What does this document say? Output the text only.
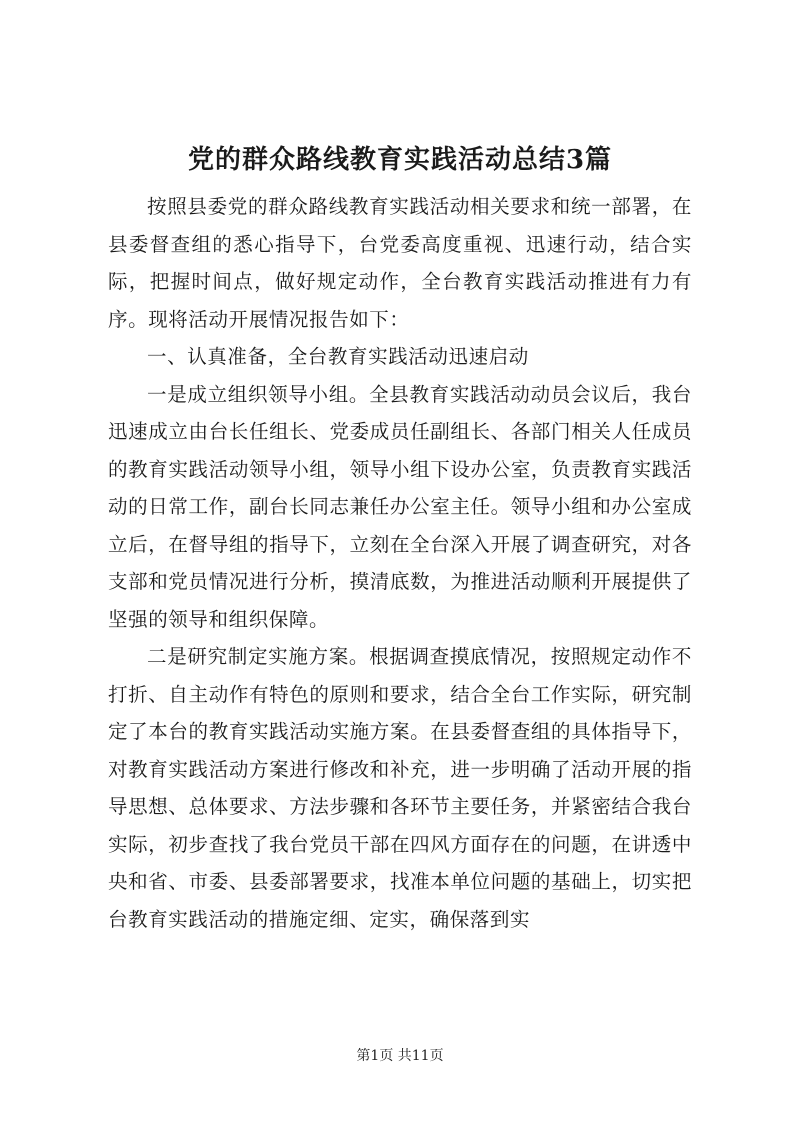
党的群众路线教育实践活动总结3篇

按照县委党的群众路线教育实践活动相关要求和统一部署，在县委督查组的悉心指导下，台党委高度重视、迅速行动，结合实际，把握时间点，做好规定动作，全台教育实践活动推进有力有序。现将活动开展情况报告如下：

一、认真准备，全台教育实践活动迅速启动

一是成立组织领导小组。全县教育实践活动动员会议后，我台迅速成立由台长任组长、党委成员任副组长、各部门相关人任成员的教育实践活动领导小组，领导小组下设办公室，负责教育实践活动的日常工作，副台长同志兼任办公室主任。领导小组和办公室成立后，在督导组的指导下，立刻在全台深入开展了调查研究，对各支部和党员情况进行分析，摸清底数，为推进活动顺利开展提供了坚强的领导和组织保障。

二是研究制定实施方案。根据调查摸底情况，按照规定动作不打折、自主动作有特色的原则和要求，结合全台工作实际，研究制定了本台的教育实践活动实施方案。在县委督查组的具体指导下，对教育实践活动方案进行修改和补充，进一步明确了活动开展的指导思想、总体要求、方法步骤和各环节主要任务，并紧密结合我台实际，初步查找了我台党员干部在四风方面存在的问题，在讲透中央和省、市委、县委部署要求，找准本单位问题的基础上，切实把台教育实践活动的措施定细、定实，确保落到实

第1页 共11页
